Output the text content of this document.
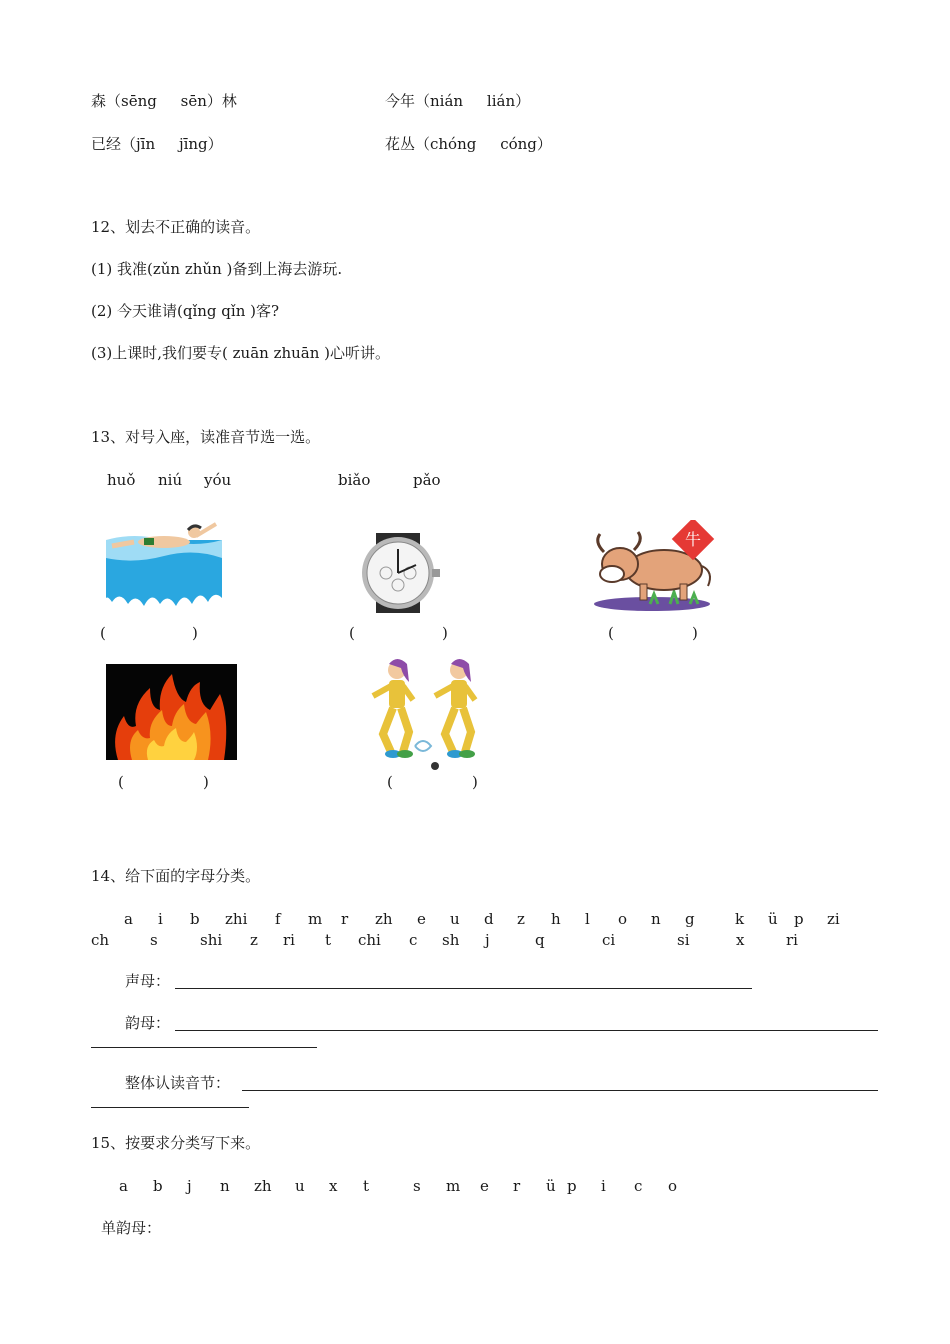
森（sēng     sēn）林	今年（nián     lián）
已经（jīn     jīng）	花丛（chóng     cóng）
12、划去不正确的读音。
(1) 我准(zǔn zhǔn )备到上海去游玩.
(2) 今天谁请(qǐng qǐn )客?
(3)上课时,我们要专( zuān zhuān )心听讲。
13、对号入座，读准音节选一选。
huǒ niú yóu	biǎo	pǎo
牛
(	)	(	)	(	)
(	)	(	)
14、给下面的字母分类。
a i b zhi f m r zh e u d z h l o n g	k ü p zi
ch	s	shi z ri t chi c sh j	q	ci	si	x	ri
声母：
韵母：
整体认读音节：
15、按要求分类写下来。
a b j n zh u x t	s m e r ü p i c o
单韵母：
